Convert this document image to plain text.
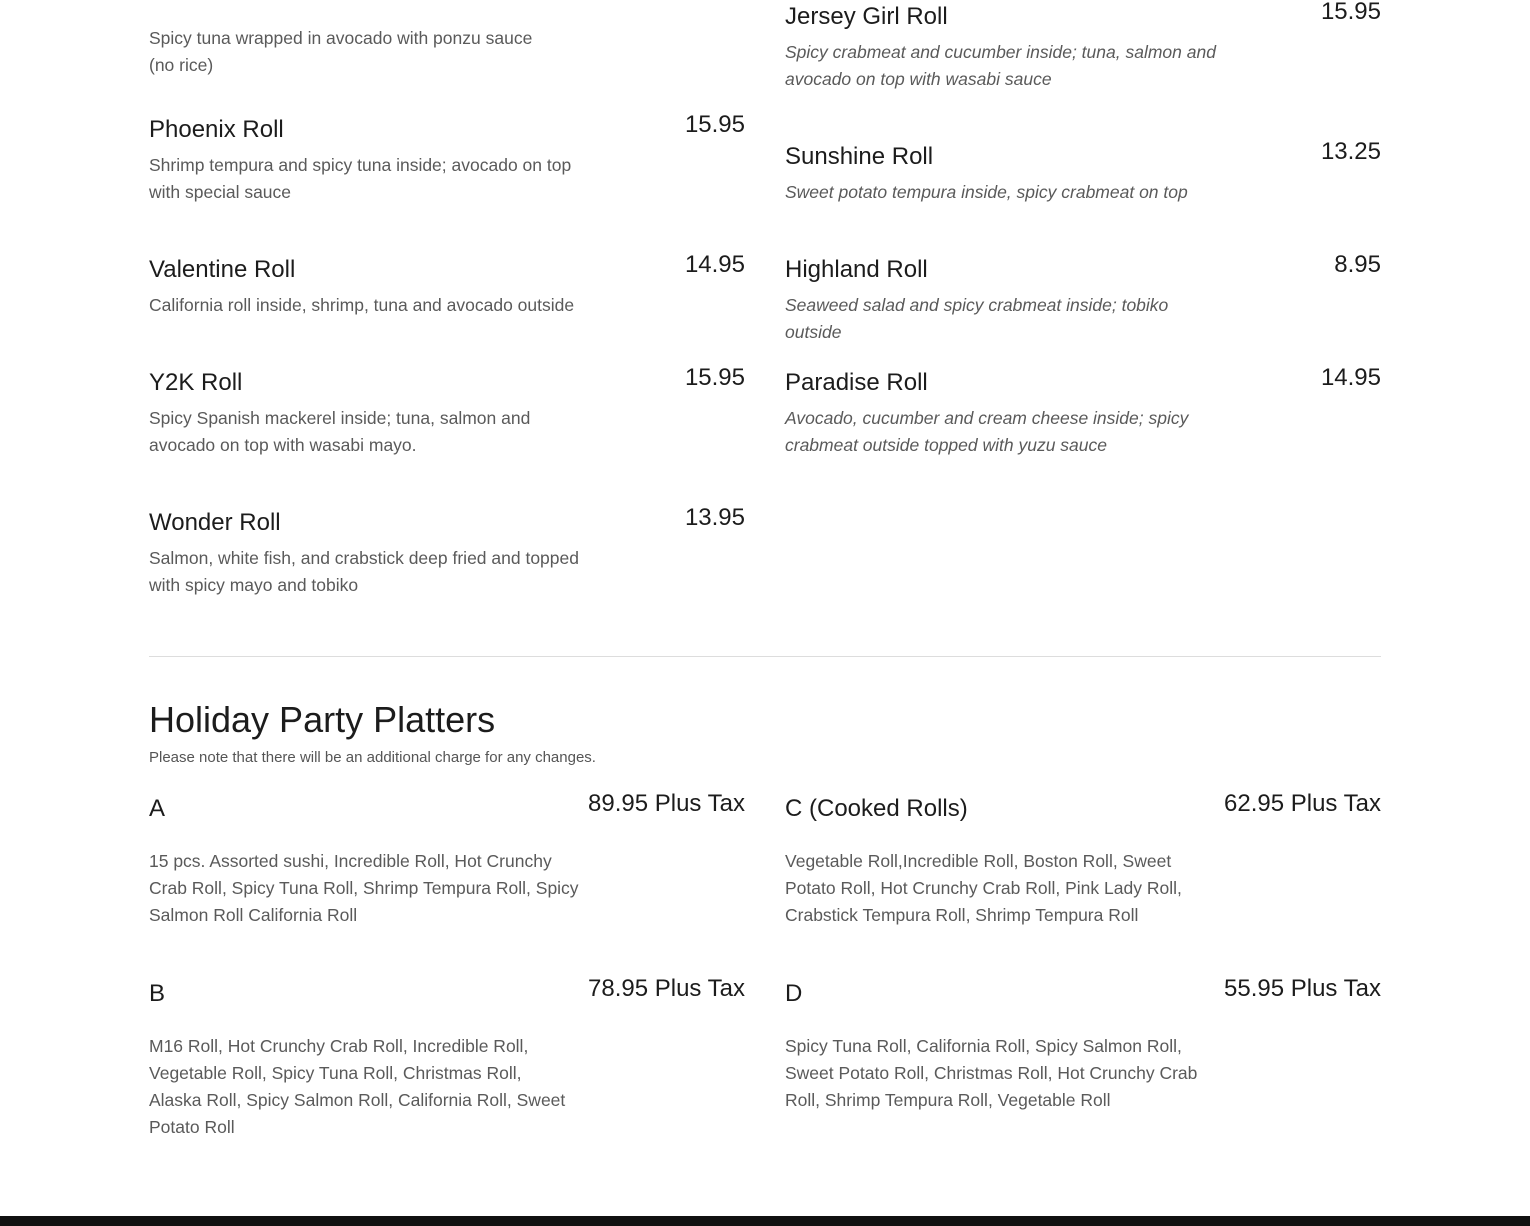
Spicy tuna wrapped in avocado with ponzu sauce
(no rice)
Phoenix Roll	15.95
Shrimp tempura and spicy tuna inside; avocado on top
with special sauce
Valentine Roll	14.95
California roll inside, shrimp, tuna and avocado outside
Y2K Roll	15.95
Spicy Spanish mackerel inside; tuna, salmon and
avocado on top with wasabi mayo.
Wonder Roll	13.95
Salmon, white fish, and crabstick deep fried and topped
with spicy mayo and tobiko
Jersey Girl Roll	15.95
Spicy crabmeat and cucumber inside; tuna, salmon and
avocado on top with wasabi sauce
Sunshine Roll	13.25
Sweet potato tempura inside, spicy crabmeat on top
Highland Roll	8.95
Seaweed salad and spicy crabmeat inside; tobiko outside
Paradise Roll	14.95
Avocado, cucumber and cream cheese inside; spicy
crabmeat outside topped with yuzu sauce
Holiday Party Platters
Please note that there will be an additional charge for any changes.
A	89.95 Plus Tax
15 pcs. Assorted sushi, Incredible Roll, Hot Crunchy
Crab Roll, Spicy Tuna Roll, Shrimp Tempura Roll, Spicy
Salmon Roll California Roll
C (Cooked Rolls)	62.95 Plus Tax
Vegetable Roll,Incredible Roll, Boston Roll, Sweet
Potato Roll, Hot Crunchy Crab Roll, Pink Lady Roll,
Crabstick Tempura Roll, Shrimp Tempura Roll
B	78.95 Plus Tax
M16 Roll, Hot Crunchy Crab Roll, Incredible Roll,
Vegetable Roll, Spicy Tuna Roll, Christmas Roll,
Alaska Roll, Spicy Salmon Roll, California Roll, Sweet
Potato Roll
D	55.95 Plus Tax
Spicy Tuna Roll, California Roll, Spicy Salmon Roll,
Sweet Potato Roll, Christmas Roll, Hot Crunchy Crab
Roll, Shrimp Tempura Roll, Vegetable Roll
